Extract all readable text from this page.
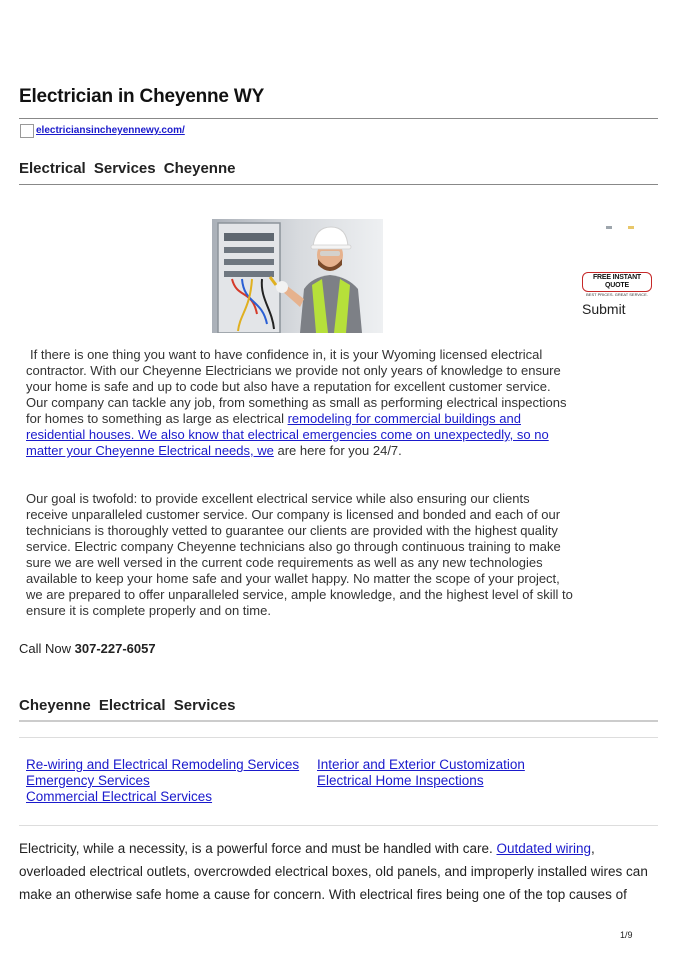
Electrician in Cheyenne WY
electriciansincheyennewy.com/
Electrical Services Cheyenne
FREE INSTANT QUOTE
BEST PRICES. GREAT SERVICE.
Submit
If there is one thing you want to have confidence in, it is your Wyoming licensed electrical contractor. With our Cheyenne Electricians we provide not only years of knowledge to ensure your home is safe and up to code but also have a reputation for excellent customer service. Our company can tackle any job, from something as small as performing electrical inspections for homes to something as large as electrical remodeling for commercial buildings and residential houses. We also know that electrical emergencies come on unexpectedly, so no matter your Cheyenne Electrical needs, we are here for you 24/7.
Our goal is twofold: to provide excellent electrical service while also ensuring our clients receive unparalleled customer service. Our company is licensed and bonded and each of our technicians is thoroughly vetted to guarantee our clients are provided with the highest quality service. Electric company Cheyenne technicians also go through continuous training to make sure we are well versed in the current code requirements as well as any new technologies available to keep your home safe and your wallet happy. No matter the scope of your project, we are prepared to offer unparalleled service, ample knowledge, and the highest level of skill to ensure it is complete properly and on time.
Call Now 307-227-6057
Cheyenne Electrical Services
Re-wiring and Electrical Remodeling Services
Emergency Services
Commercial Electrical Services
Interior and Exterior Customization
Electrical Home Inspections
Electricity, while a necessity, is a powerful force and must be handled with care. Outdated wiring, overloaded electrical outlets, overcrowded electrical boxes, old panels, and improperly installed wires can make an otherwise safe home a cause for concern. With electrical fires being one of the top causes of
1/9
